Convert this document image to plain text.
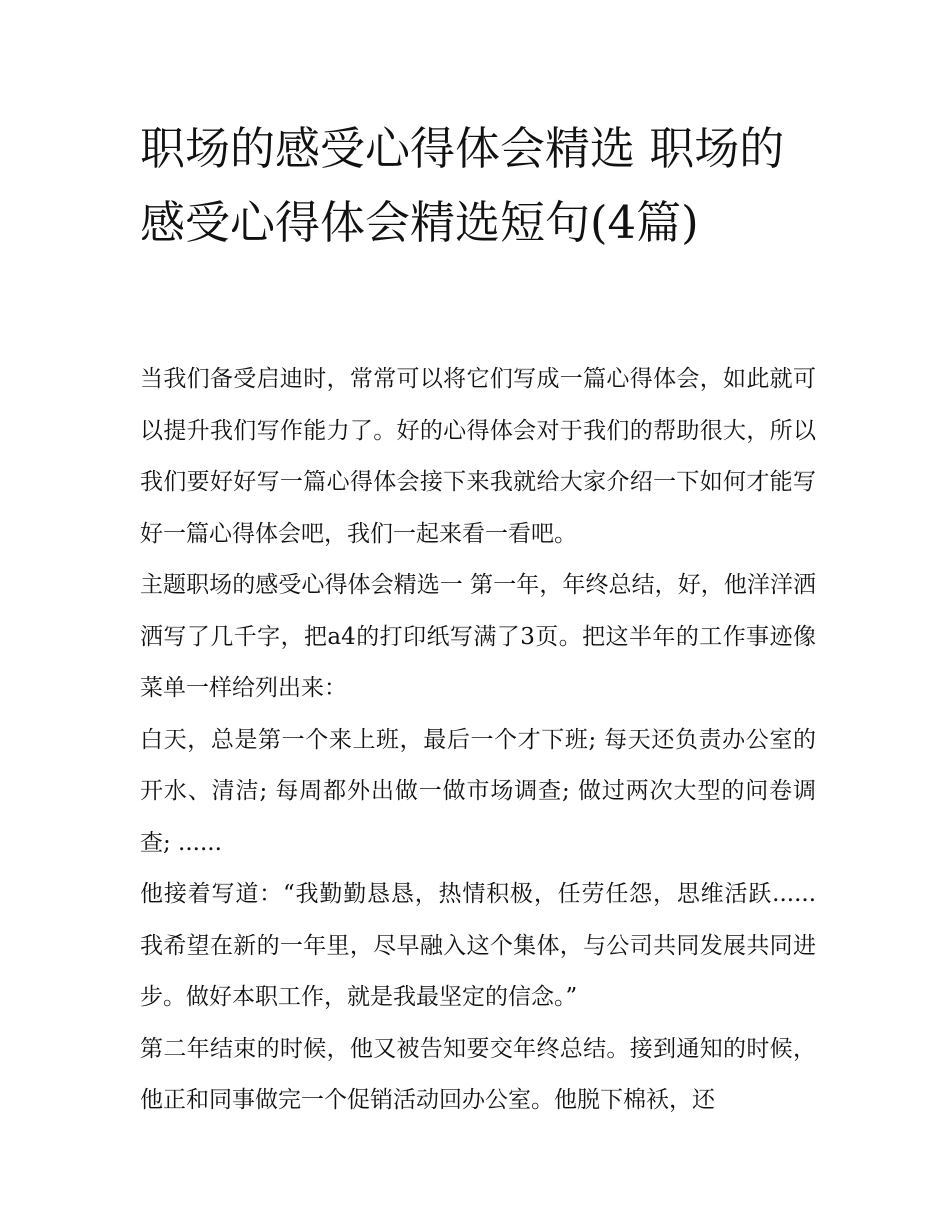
职场的感受心得体会精选 职场的感受心得体会精选短句(4篇)

当我们备受启迪时，常常可以将它们写成一篇心得体会，如此就可以提升我们写作能力了。好的心得体会对于我们的帮助很大，所以我们要好好写一篇心得体会接下来我就给大家介绍一下如何才能写好一篇心得体会吧，我们一起来看一看吧。

主题职场的感受心得体会精选一 第一年，年终总结，好，他洋洋洒洒写了几千字，把a4的打印纸写满了3页。把这半年的工作事迹像菜单一样给列出来：

白天，总是第一个来上班，最后一个才下班; 每天还负责办公室的开水、清洁; 每周都外出做一做市场调查; 做过两次大型的问卷调查; ......

他接着写道：“我勤勤恳恳，热情积极，任劳任怨，思维活跃......我希望在新的一年里，尽早融入这个集体，与公司共同发展共同进步。做好本职工作，就是我最坚定的信念。”

第二年结束的时候，他又被告知要交年终总结。接到通知的时候，他正和同事做完一个促销活动回办公室。他脱下棉袄，还
